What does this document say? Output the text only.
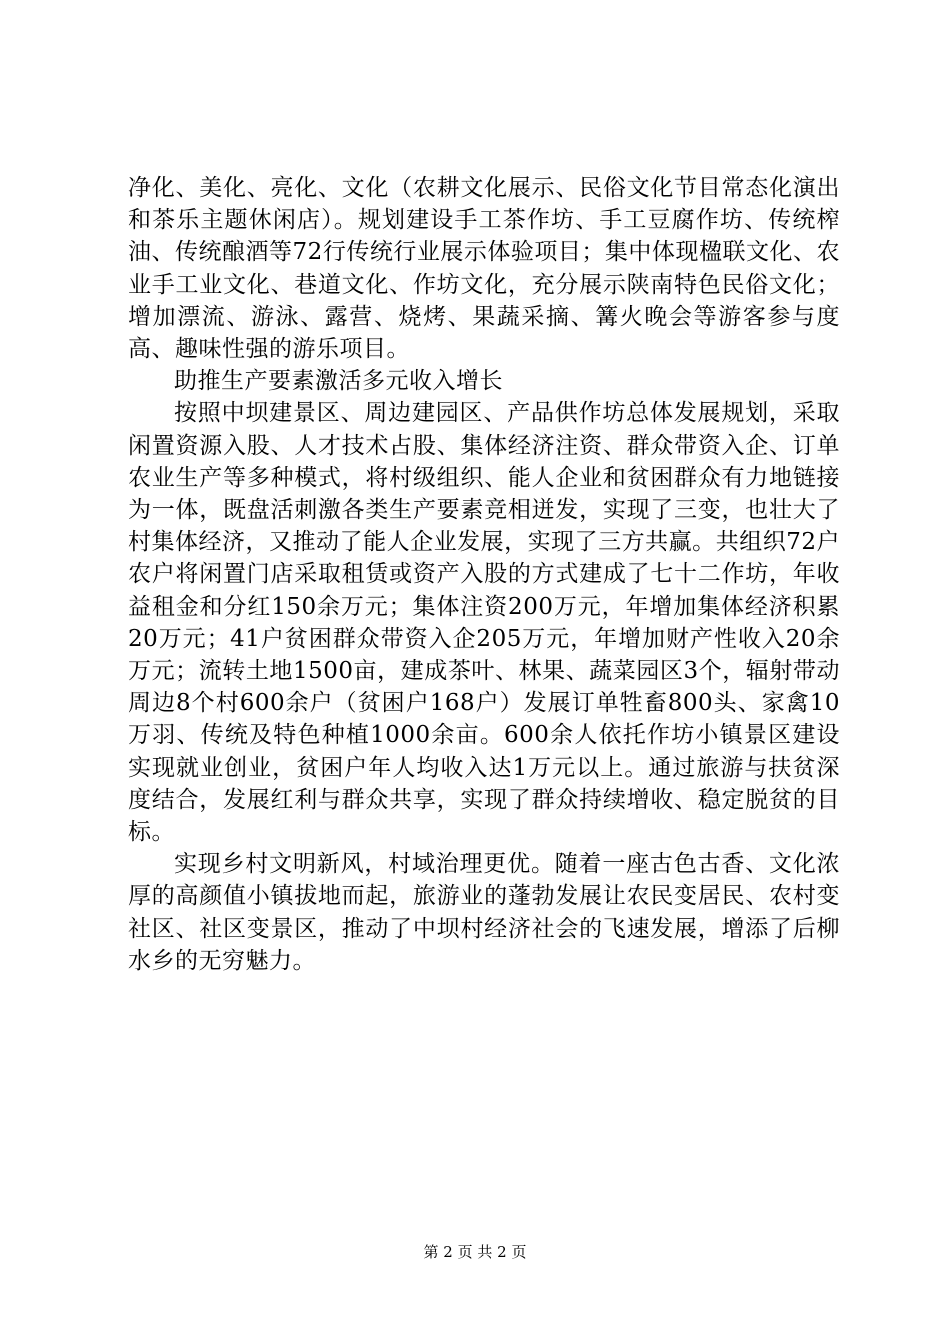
净化、美化、亮化、文化（农耕文化展示、民俗文化节目常态化演出和茶乐主题休闲店）。规划建设手工茶作坊、手工豆腐作坊、传统榨油、传统酿酒等72行传统行业展示体验项目；集中体现楹联文化、农业手工业文化、巷道文化、作坊文化，充分展示陕南特色民俗文化；增加漂流、游泳、露营、烧烤、果蔬采摘、篝火晚会等游客参与度高、趣味性强的游乐项目。

助推生产要素激活多元收入增长

按照中坝建景区、周边建园区、产品供作坊总体发展规划，采取闲置资源入股、人才技术占股、集体经济注资、群众带资入企、订单农业生产等多种模式，将村级组织、能人企业和贫困群众有力地链接为一体，既盘活刺激各类生产要素竞相迸发，实现了三变，也壮大了村集体经济，又推动了能人企业发展，实现了三方共赢。共组织72户农户将闲置门店采取租赁或资产入股的方式建成了七十二作坊，年收益租金和分红150余万元；集体注资200万元，年增加集体经济积累20万元；41户贫困群众带资入企205万元，年增加财产性收入20余万元；流转土地1500亩，建成茶叶、林果、蔬菜园区3个，辐射带动周边8个村600余户（贫困户168户）发展订单牲畜800头、家禽10万羽、传统及特色种植1000余亩。600余人依托作坊小镇景区建设实现就业创业，贫困户年人均收入达1万元以上。通过旅游与扶贫深度结合，发展红利与群众共享，实现了群众持续增收、稳定脱贫的目标。

实现乡村文明新风，村域治理更优。随着一座古色古香、文化浓厚的高颜值小镇拔地而起，旅游业的蓬勃发展让农民变居民、农村变社区、社区变景区，推动了中坝村经济社会的飞速发展，增添了后柳水乡的无穷魅力。

第 2 页 共 2 页
